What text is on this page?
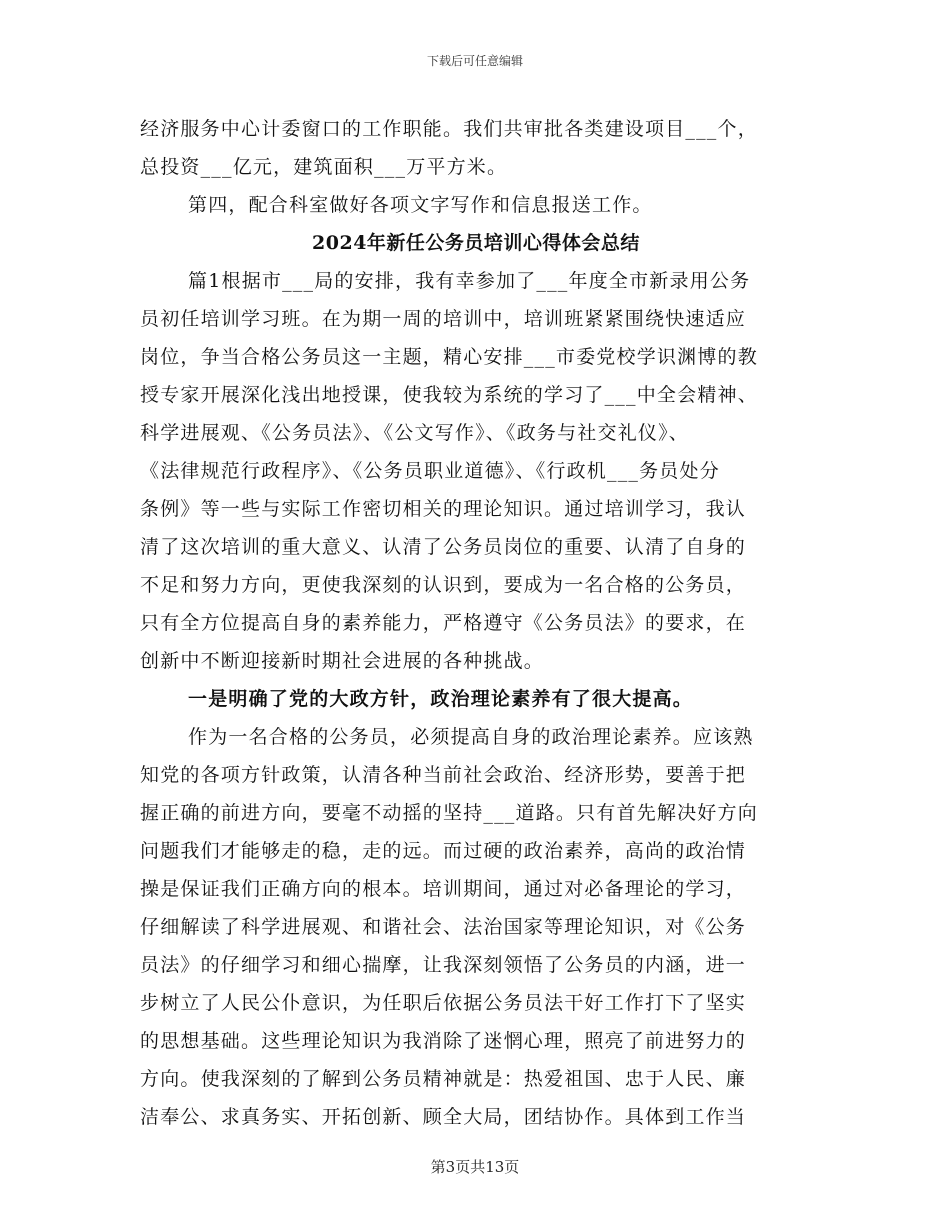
下载后可任意编辑
经济服务中心计委窗口的工作职能。我们共审批各类建设项目___个，
总投资___亿元，建筑面积___万平方米。
第四，配合科室做好各项文字写作和信息报送工作。
2024年新任公务员培训心得体会总结
篇1根据市___局的安排，我有幸参加了___年度全市新录用公务
员初任培训学习班。在为期一周的培训中，培训班紧紧围绕快速适应
岗位，争当合格公务员这一主题，精心安排___市委党校学识渊博的教
授专家开展深化浅出地授课，使我较为系统的学习了___中全会精神、
科学进展观、《公务员法》、《公文写作》、《政务与社交礼仪》、
《法律规范行政程序》、《公务员职业道德》、《行政机___务员处分
条例》等一些与实际工作密切相关的理论知识。通过培训学习，我认
清了这次培训的重大意义、认清了公务员岗位的重要、认清了自身的
不足和努力方向，更使我深刻的认识到，要成为一名合格的公务员，
只有全方位提高自身的素养能力，严格遵守《公务员法》的要求，在
创新中不断迎接新时期社会进展的各种挑战。
一是明确了党的大政方针，政治理论素养有了很大提高。
作为一名合格的公务员，必须提高自身的政治理论素养。应该熟
知党的各项方针政策，认清各种当前社会政治、经济形势，要善于把
握正确的前进方向，要毫不动摇的坚持___道路。只有首先解决好方向
问题我们才能够走的稳，走的远。而过硬的政治素养，高尚的政治情
操是保证我们正确方向的根本。培训期间，通过对必备理论的学习，
仔细解读了科学进展观、和谐社会、法治国家等理论知识，对《公务
员法》的仔细学习和细心揣摩，让我深刻领悟了公务员的内涵，进一
步树立了人民公仆意识，为任职后依据公务员法干好工作打下了坚实
的思想基础。这些理论知识为我消除了迷惘心理，照亮了前进努力的
方向。使我深刻的了解到公务员精神就是：热爱祖国、忠于人民、廉
洁奉公、求真务实、开拓创新、顾全大局，团结协作。具体到工作当
第3页共13页
